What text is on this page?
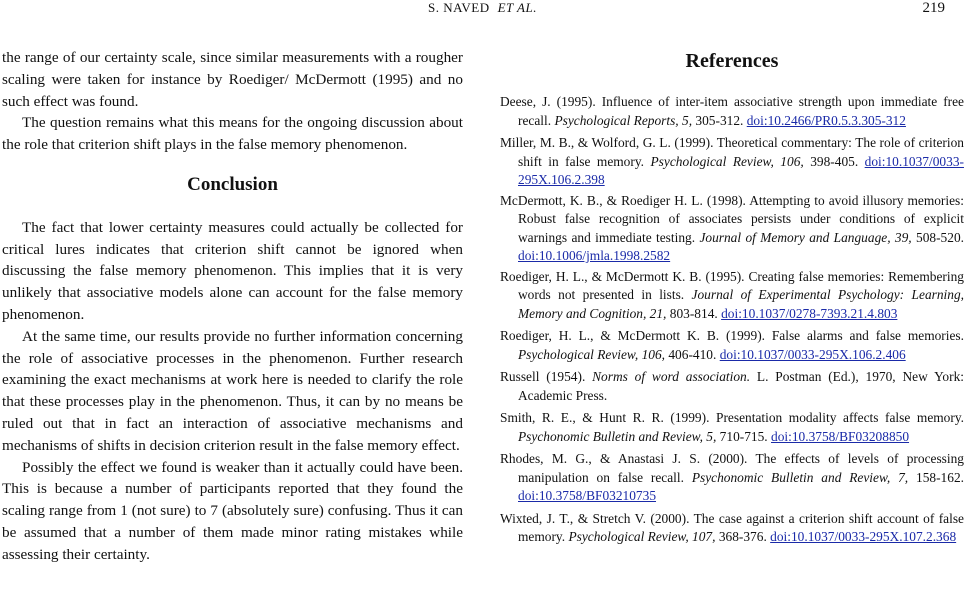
S. NAVED ET AL.	219

the range of our certainty scale, since similar measurements with a rougher scaling were taken for instance by Roediger/ McDermott (1995) and no such effect was found.

The question remains what this means for the ongoing discussion about the role that criterion shift plays in the false memory phenomenon.

Conclusion

The fact that lower certainty measures could actually be collected for critical lures indicates that criterion shift cannot be ignored when discussing the false memory phenomenon. This implies that it is very unlikely that associative models alone can account for the false memory phenomenon.

At the same time, our results provide no further information concerning the role of associative processes in the phenomenon. Further research examining the exact mechanisms at work here is needed to clarify the role that these processes play in the phenomenon. Thus, it can by no means be ruled out that in fact an interaction of associative mechanisms and mechanisms of shifts in decision criterion result in the false memory effect.

Possibly the effect we found is weaker than it actually could have been. This is because a number of participants reported that they found the scaling range from 1 (not sure) to 7 (absolutely sure) confusing. Thus it can be assumed that a number of them made minor rating mistakes while assessing their certainty.

References
Deese, J. (1995). Influence of inter-item associative strength upon immediate free recall. Psychological Reports, 5, 305-312. doi:10.2466/PR0.5.3.305-312
Miller, M. B., & Wolford, G. L. (1999). Theoretical commentary: The role of criterion shift in false memory. Psychological Review, 106, 398-405. doi:10.1037/0033-295X.106.2.398
McDermott, K. B., & Roediger H. L. (1998). Attempting to avoid illusory memories: Robust false recognition of associates persists under conditions of explicit warnings and immediate testing. Journal of Memory and Language, 39, 508-520. doi:10.1006/jmla.1998.2582
Roediger, H. L., & McDermott K. B. (1995). Creating false memories: Remembering words not presented in lists. Journal of Experimental Psychology: Learning, Memory and Cognition, 21, 803-814. doi:10.1037/0278-7393.21.4.803
Roediger, H. L., & McDermott K. B. (1999). False alarms and false memories. Psychological Review, 106, 406-410. doi:10.1037/0033-295X.106.2.406
Russell (1954). Norms of word association. L. Postman (Ed.), 1970, New York: Academic Press.
Smith, R. E., & Hunt R. R. (1999). Presentation modality affects false memory. Psychonomic Bulletin and Review, 5, 710-715. doi:10.3758/BF03208850
Rhodes, M. G., & Anastasi J. S. (2000). The effects of levels of processing manipulation on false recall. Psychonomic Bulletin and Review, 7, 158-162. doi:10.3758/BF03210735
Wixted, J. T., & Stretch V. (2000). The case against a criterion shift account of false memory. Psychological Review, 107, 368-376. doi:10.1037/0033-295X.107.2.368
